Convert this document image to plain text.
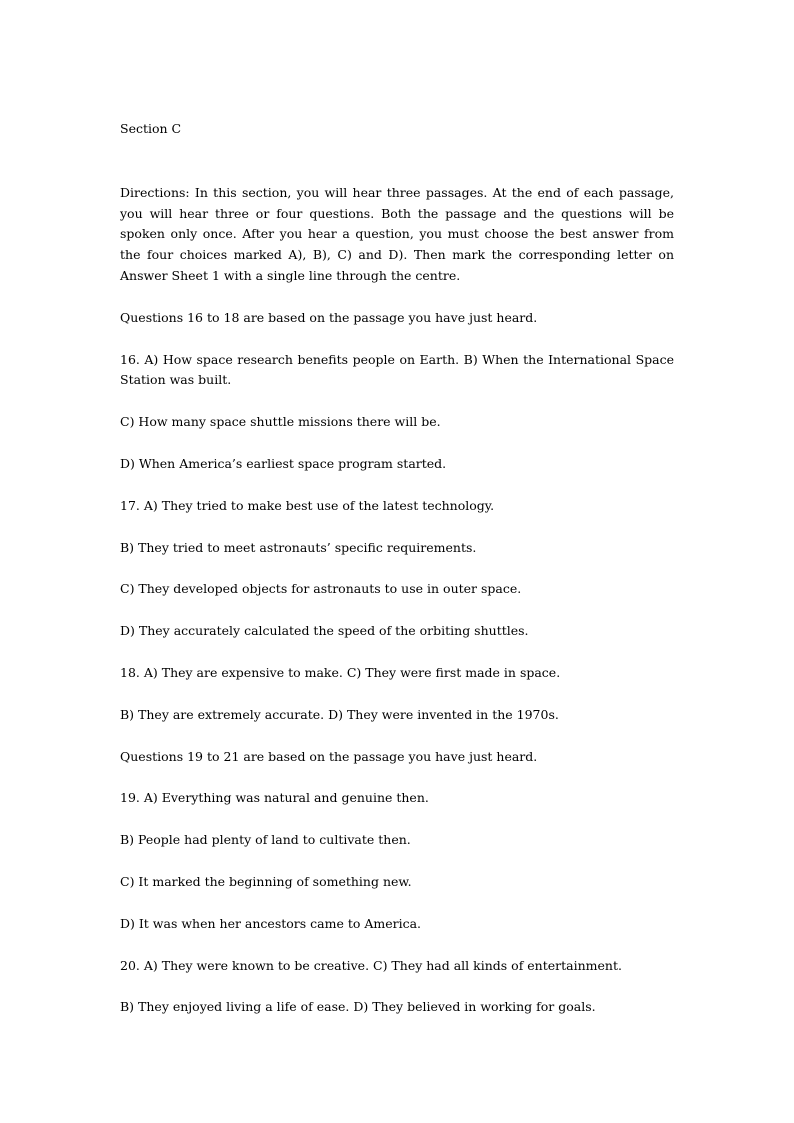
Section C

Directions: In this section, you will hear three passages. At the end of each passage, you will hear three or four questions. Both the passage and the questions will be spoken only once. After you hear a question, you must choose the best answer from the four choices marked A), B), C) and D). Then mark the corresponding letter on Answer Sheet 1 with a single line through the centre.

Questions 16 to 18 are based on the passage you have just heard.

16. A) How space research benefits people on Earth. B) When the International Space Station was built.

C) How many space shuttle missions there will be.

D) When America’s earliest space program started.

17. A) They tried to make best use of the latest technology.

B) They tried to meet astronauts’ specific requirements.

C) They developed objects for astronauts to use in outer space.

D) They accurately calculated the speed of the orbiting shuttles.

18. A) They are expensive to make. C) They were first made in space.

B) They are extremely accurate. D) They were invented in the 1970s.

Questions 19 to 21 are based on the passage you have just heard.

19. A) Everything was natural and genuine then.

B) People had plenty of land to cultivate then.

C) It marked the beginning of something new.

D) It was when her ancestors came to America.

20. A) They were known to be creative. C) They had all kinds of entertainment.

B) They enjoyed living a life of ease. D) They believed in working for goals.
